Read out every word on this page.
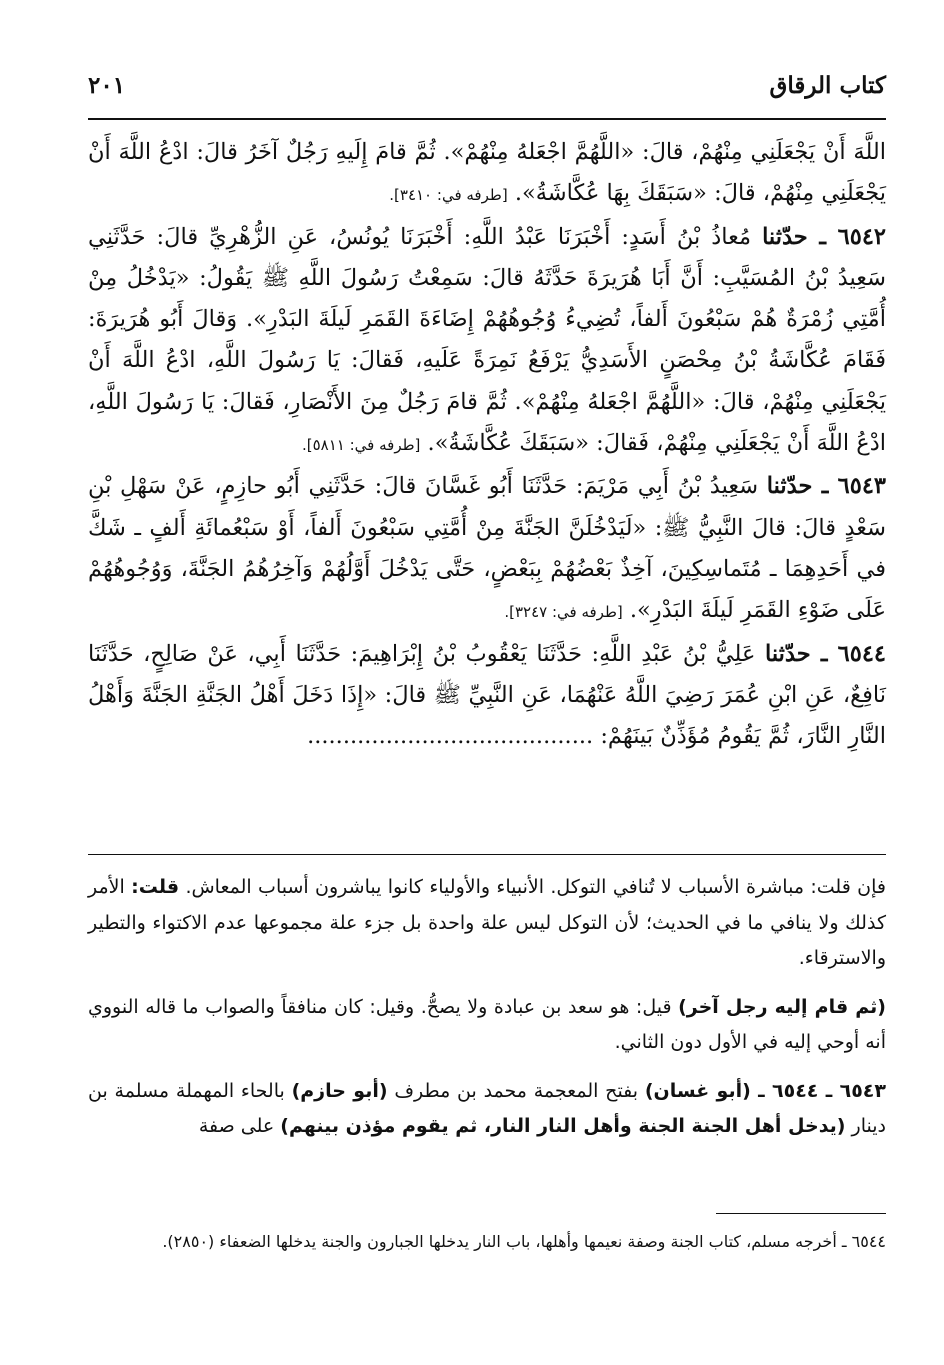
كتاب الرقاق
٢٠١

اللَّهَ أَنْ يَجْعَلَنِي مِنْهُمْ، قالَ: «اللَّهُمَّ اجْعَلهُ مِنْهُمْ». ثُمَّ قامَ إِلَيهِ رَجُلٌ آخَرُ قالَ: ادْعُ اللَّهَ أَنْ يَجْعَلَنِي مِنْهُمْ، قالَ: «سَبَقَكَ بِهَا عُكَّاشَةُ». [طرفه في: ٣٤١٠].

٦٥٤٢ ـ حدّثنا مُعاذُ بْنُ أَسَدٍ: أَخْبَرَنَا عَبْدُ اللَّهِ: أَخْبَرَنَا يُونُسُ، عَنِ الزُّهْرِيِّ قالَ: حَدَّثَنِي سَعِيدُ بْنُ المُسَيَّبِ: أَنَّ أَبَا هُرَيرَةَ حَدَّثَهُ قالَ: سَمِعْتُ رَسُولَ اللَّهِ ﷺ يَقُولُ: «يَدْخُلُ مِنْ أُمَّتِي زُمْرَةٌ هُمْ سَبْعُونَ أَلفاً، تُضِيءُ وُجُوهُهُمْ إِضَاءَةَ القَمَرِ لَيلَةَ البَدْرِ». وَقالَ أَبُو هُرَيرَةَ: فَقَامَ عُكَّاشَةُ بْنُ مِحْصَنٍ الأَسَدِيُّ يَرْفَعُ نَمِرَةً عَلَيهِ، فَقالَ: يَا رَسُولَ اللَّهِ، ادْعُ اللَّهَ أَنْ يَجْعَلَنِي مِنْهُمْ، قالَ: «اللَّهُمَّ اجْعَلهُ مِنْهُمْ». ثُمَّ قامَ رَجُلٌ مِنَ الأَنْصَارِ، فَقالَ: يَا رَسُولَ اللَّهِ، ادْعُ اللَّهَ أَنْ يَجْعَلَنِي مِنْهُمْ، فَقالَ: «سَبَقَكَ عُكَّاشَةُ». [طرفه في: ٥٨١١].

٦٥٤٣ ـ حدّثنا سَعِيدُ بْنُ أَبِي مَرْيَمَ: حَدَّثَنَا أَبُو غَسَّانَ قالَ: حَدَّثَنِي أَبُو حازِمٍ، عَنْ سَهْلِ بْنِ سَعْدٍ قالَ: قالَ النَّبِيُّ ﷺ: «لَيَدْخُلَنَّ الجَنَّةَ مِنْ أُمَّتِي سَبْعُونَ أَلفاً، أَوْ سَبْعُمائَةِ أَلفٍ ـ شَكَّ في أَحَدِهِمَا ـ مُتَماسِكِينَ، آخِذٌ بَعْضُهُمْ بِبَعْضٍ، حَتَّى يَدْخُلَ أَوَّلُهُمْ وَآخِرُهُمُ الجَنَّةَ، وَوُجُوهُهُمْ عَلَى ضَوْءِ القَمَرِ لَيلَةَ البَدْرِ». [طرفه في: ٣٢٤٧].

٦٥٤٤ ـ حدّثنا عَلِيُّ بْنُ عَبْدِ اللَّهِ: حَدَّثَنَا يَعْقُوبُ بْنُ إِبْرَاهِيمَ: حَدَّثَنَا أَبِي، عَنْ صَالِحٍ، حَدَّثَنَا نَافِعٌ، عَنِ ابْنِ عُمَرَ رَضِيَ اللَّهُ عَنْهُمَا، عَنِ النَّبِيِّ ﷺ قالَ: «إِذَا دَخَلَ أَهْلُ الجَنَّةِ الجَنَّةَ وَأَهْلُ النَّارِ النَّارَ، ثُمَّ يَقُومُ مُؤَذِّنٌ بَينَهُمْ: ........................................

فإن قلت: مباشرة الأسباب لا تُنافي التوكل. الأنبياء والأولياء كانوا يباشرون أسباب المعاش. قلت: الأمر كذلك ولا ينافي ما في الحديث؛ لأن التوكل ليس علة واحدة بل جزء علة مجموعها عدم الاكتواء والتطير والاسترقاء.

(ثم قام إليه رجل آخر) قيل: هو سعد بن عبادة ولا يصحُّ. وقيل: كان منافقاً والصواب ما قاله النووي أنه أوحي إليه في الأول دون الثاني.

٦٥٤٣ ـ ٦٥٤٤ ـ (أبو غسان) بفتح المعجمة محمد بن مطرف (أبو حازم) بالحاء المهملة مسلمة بن دينار (يدخل أهل الجنة الجنة وأهل النار النار، ثم يقوم مؤذن بينهم) على صفة

٦٥٤٤ ـ أخرجه مسلم، كتاب الجنة وصفة نعيمها وأهلها، باب النار يدخلها الجبارون والجنة يدخلها الضعفاء (٢٨٥٠).
